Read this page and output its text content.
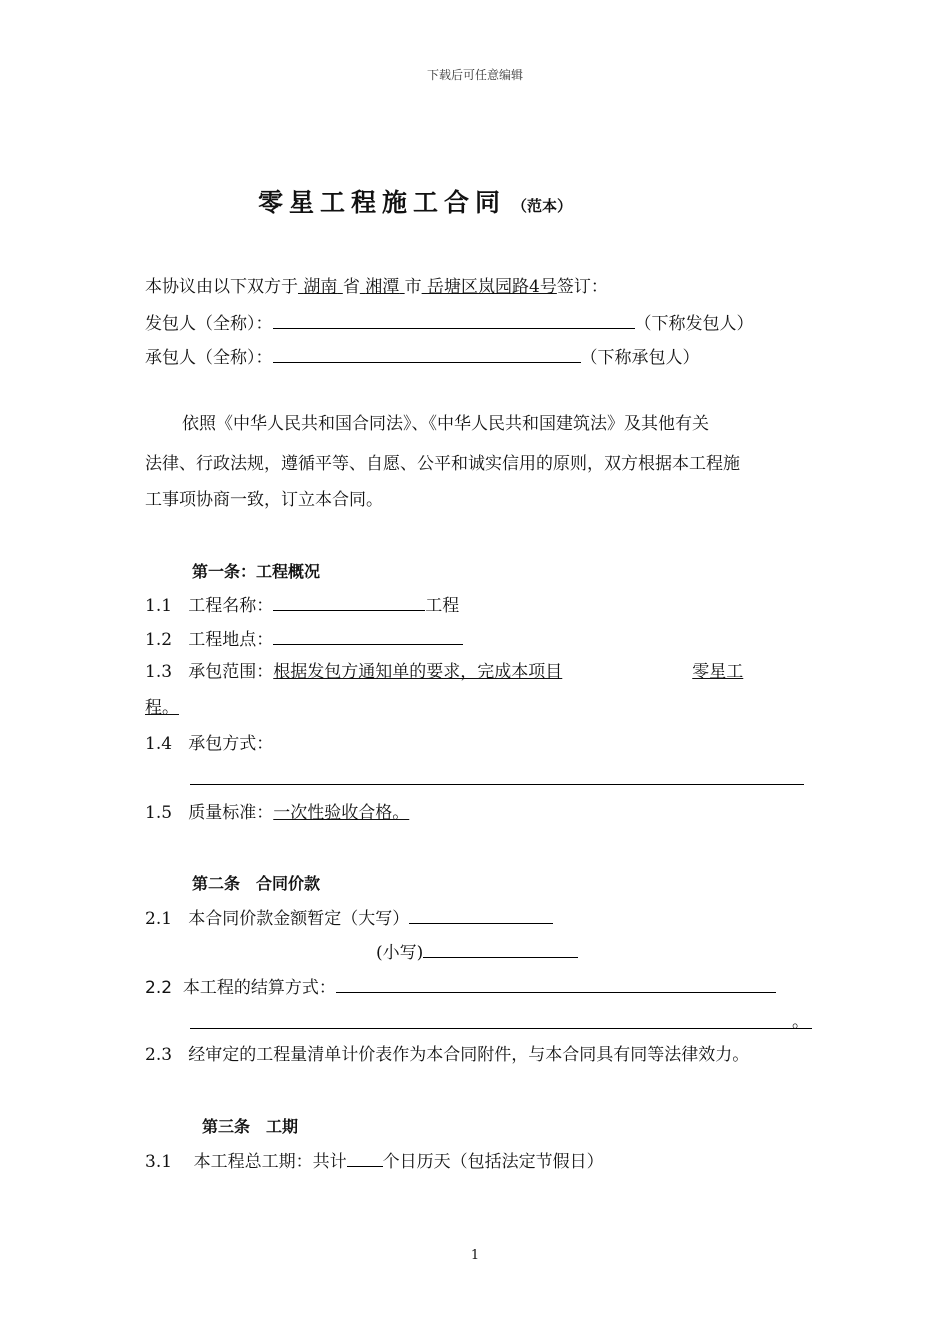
下载后可任意编辑
零星工程施工合同 （范本）
本协议由以下双方于 湖南 省 湘潭 市 岳塘区岚园路4号签订：
发包人（全称）：	（下称发包人）
承包人（全称）：	（下称承包人）
依照《中华人民共和国合同法》、《中华人民共和国建筑法》及其他有关
法律、行政法规，遵循平等、自愿、公平和诚实信用的原则，双方根据本工程施
工事项协商一致，订立本合同。
第一条：工程概况
1.1 工程名称：	工程
1.2 工程地点：
1.3 承包范围：根据发包方通知单的要求，完成本项目	零星工
程。
1.4 承包方式：
1.5 质量标准：一次性验收合格。
第二条　合同价款
2.1 本合同价款金额暂定（大写）
(小写)
2.2 本工程的结算方式：
。
2.3 经审定的工程量清单计价表作为本合同附件，与本合同具有同等法律效力。
第三条　工期
3.1 本工程总工期：共计 个日历天（包括法定节假日）
1
